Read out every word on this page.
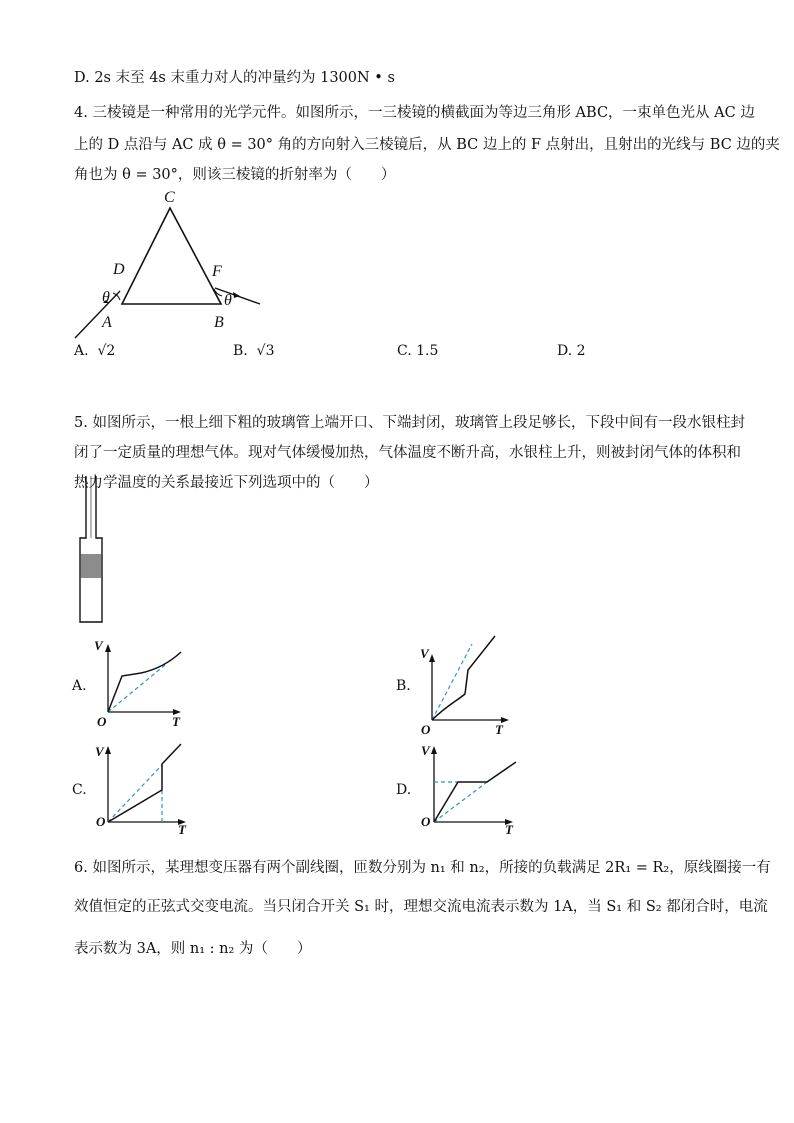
D. 2s 末至 4s 末重力对人的冲量约为 1300N • s
4. 三棱镜是一种常用的光学元件。如图所示，一三棱镜的横截面为等边三角形 ABC，一束单色光从 AC 边
上的 D 点沿与 AC 成 θ = 30° 角的方向射入三棱镜后，从 BC 边上的 F 点射出，且射出的光线与 BC 边的夹
角也为 θ = 30°，则该三棱镜的折射率为（　　）
C
D	F
θ	θ
A	B
A. √2	B. √3	C. 1.5	D. 2
5. 如图所示，一根上细下粗的玻璃管上端开口、下端封闭，玻璃管上段足够长，下段中间有一段水银柱封
闭了一定质量的理想气体。现对气体缓慢加热，气体温度不断升高，水银柱上升，则被封闭气体的体积和
热力学温度的关系最接近下列选项中的（　　）
A.
V
O	T
B.
V
O	T
C.
V
O
T
D.
V
O
T
6. 如图所示，某理想变压器有两个副线圈，匝数分别为 n₁ 和 n₂，所接的负载满足 2R₁ = R₂，原线圈接一有
效值恒定的正弦式交变电流。当只闭合开关 S₁ 时，理想交流电流表示数为 1A，当 S₁ 和 S₂ 都闭合时，电流
表示数为 3A，则 n₁ : n₂ 为（　　）
